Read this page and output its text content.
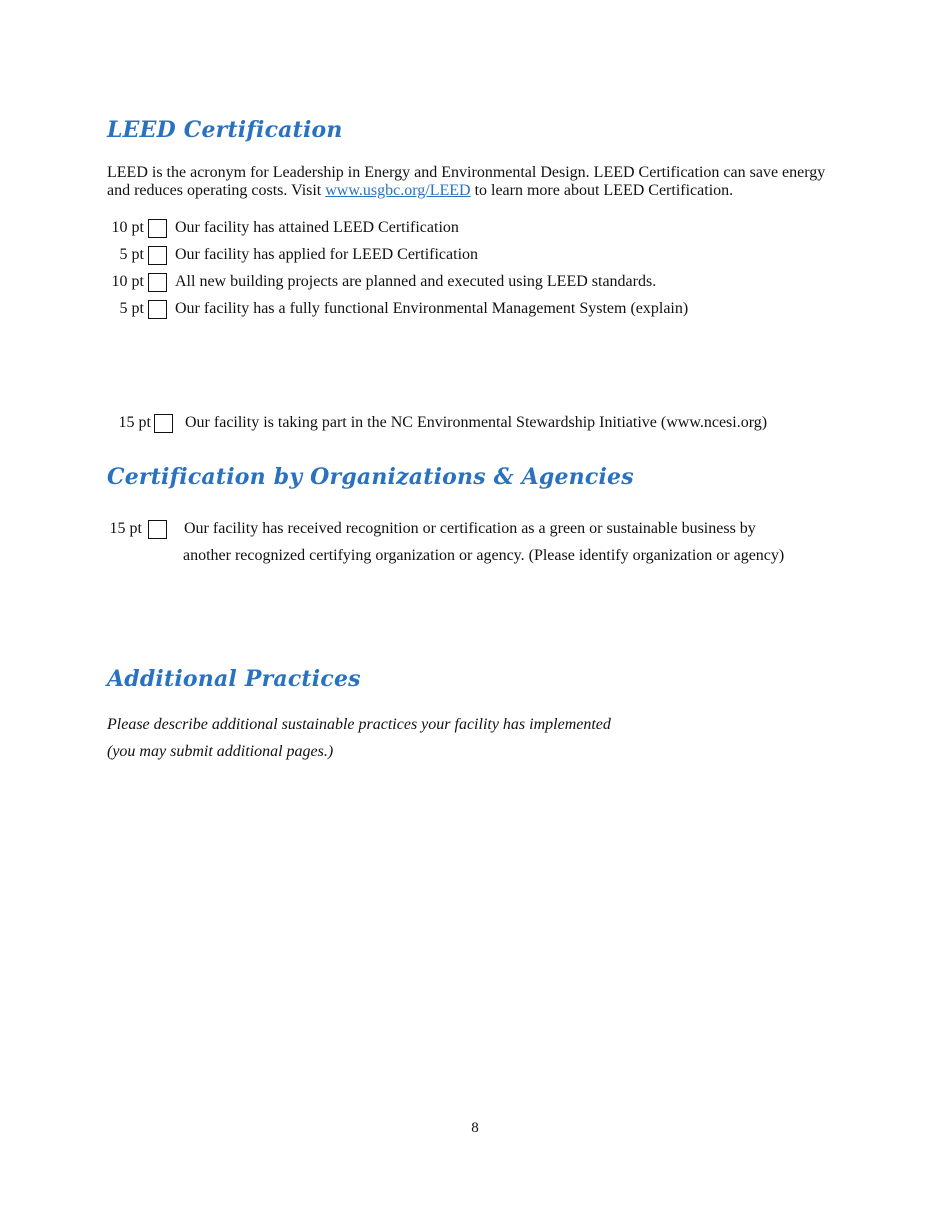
LEED Certification
LEED is the acronym for Leadership in Energy and Environmental Design. LEED Certification can save energy and reduces operating costs. Visit www.usgbc.org/LEED to learn more about LEED Certification.
10 pt Our facility has attained LEED Certification
5 pt Our facility has applied for LEED Certification
10 pt All new building projects are planned and executed using LEED standards.
5 pt Our facility has a fully functional Environmental Management System (explain)
15 pt Our facility is taking part in the NC Environmental Stewardship Initiative (www.ncesi.org)
Certification by Organizations & Agencies
15 pt	Our facility has received recognition or certification as a green or sustainable business by
another recognized certifying organization or agency. (Please identify organization or agency)
Additional Practices
Please describe additional sustainable practices your facility has implemented
(you may submit additional pages.)
8
